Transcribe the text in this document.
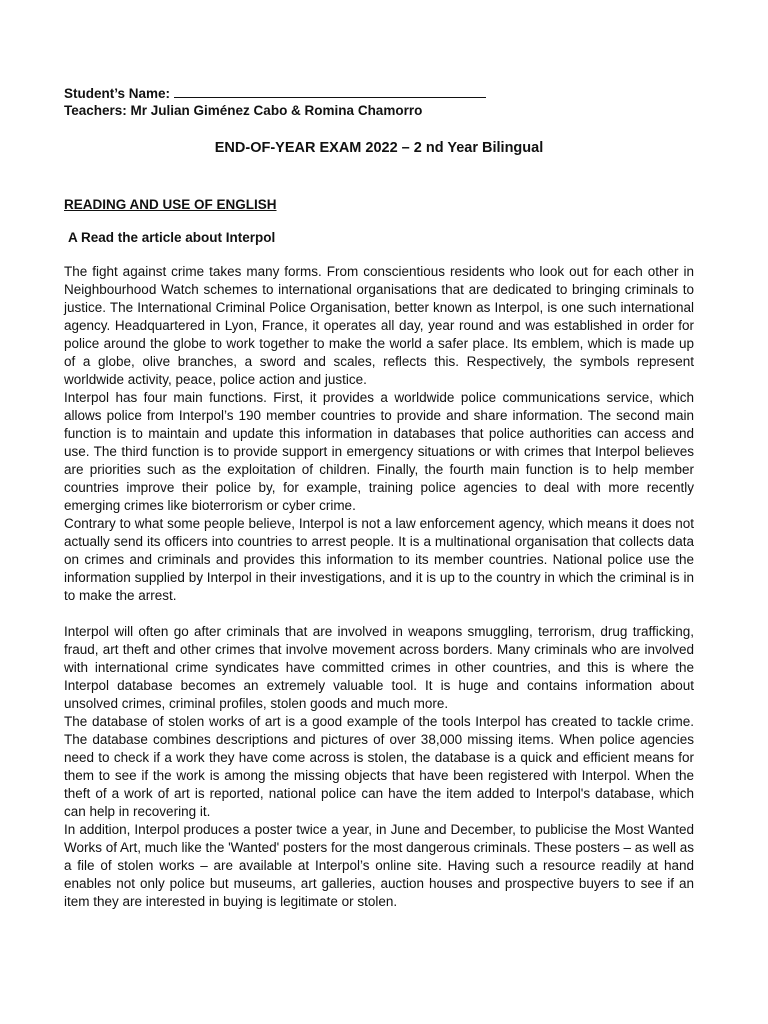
Student’s Name:
Teachers: Mr Julian Giménez Cabo & Romina Chamorro
END-OF-YEAR EXAM 2022 – 2 nd Year Bilingual
READING AND USE OF ENGLISH
A Read the article about Interpol

The fight against crime takes many forms. From conscientious residents who look out for each other in Neighbourhood Watch schemes to international organisations that are dedicated to bringing criminals to justice. The International Criminal Police Organisation, better known as Interpol, is one such international agency. Headquartered in Lyon, France, it operates all day, year round and was established in order for police around the globe to work together to make the world a safer place. Its emblem, which is made up of a globe, olive branches, a sword and scales, reflects this. Respectively, the symbols represent worldwide activity, peace, police action and justice.

Interpol has four main functions. First, it provides a worldwide police communications service, which allows police from Interpol’s 190 member countries to provide and share information. The second main function is to maintain and update this information in databases that police authorities can access and use. The third function is to provide support in emergency situations or with crimes that Interpol believes are priorities such as the exploitation of children. Finally, the fourth main function is to help member countries improve their police by, for example, training police agencies to deal with more recently emerging crimes like bioterrorism or cyber crime.

Contrary to what some people believe, Interpol is not a law enforcement agency, which means it does not actually send its officers into countries to arrest people. It is a multinational organisation that collects data on crimes and criminals and provides this information to its member countries. National police use the information supplied by Interpol in their investigations, and it is up to the country in which the criminal is in to make the arrest.

Interpol will often go after criminals that are involved in weapons smuggling, terrorism, drug trafficking, fraud, art theft and other crimes that involve movement across borders. Many criminals who are involved with international crime syndicates have committed crimes in other countries, and this is where the Interpol database becomes an extremely valuable tool. It is huge and contains information about unsolved crimes, criminal profiles, stolen goods and much more.

The database of stolen works of art is a good example of the tools Interpol has created to tackle crime. The database combines descriptions and pictures of over 38,000 missing items. When police agencies need to check if a work they have come across is stolen, the database is a quick and efficient means for them to see if the work is among the missing objects that have been registered with Interpol. When the theft of a work of art is reported, national police can have the item added to Interpol's database, which can help in recovering it.

In addition, Interpol produces a poster twice a year, in June and December, to publicise the Most Wanted Works of Art, much like the 'Wanted' posters for the most dangerous criminals. These posters – as well as a file of stolen works – are available at Interpol’s online site. Having such a resource readily at hand enables not only police but museums, art galleries, auction houses and prospective buyers to see if an item they are interested in buying is legitimate or stolen.
